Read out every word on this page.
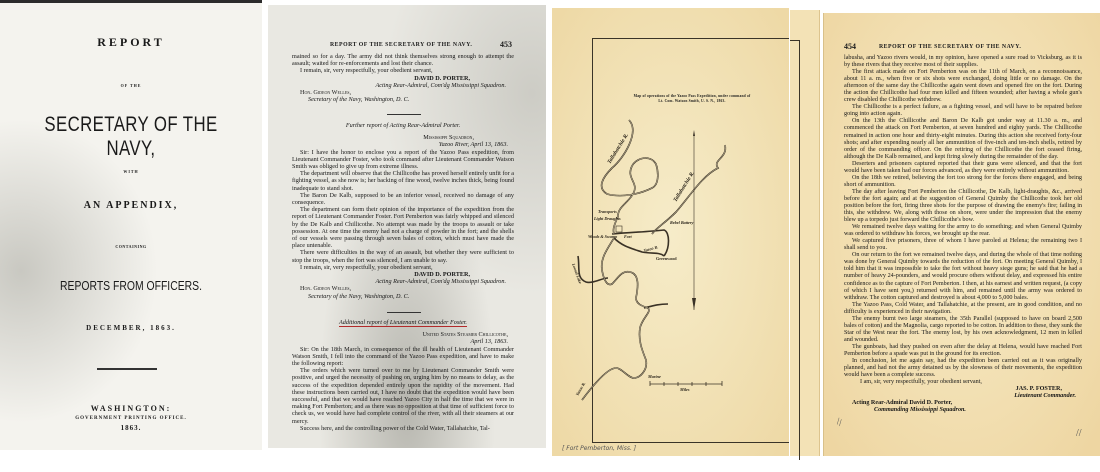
REPORT
OF THE
SECRETARY OF THE NAVY,
WITH
AN APPENDIX,
CONTAINING
REPORTS FROM OFFICERS.
DECEMBER, 1863.
WASHINGTON:
GOVERNMENT PRINTING OFFICE.
1863.
REPORT OF THE SECRETARY OF THE NAVY.	453

mained so for a day. The army did not think themselves strong enough to attempt the assault; waited for re-enforcements and lost their chance.

I remain, sir, very respectfully, your obedient servant,

DAVID D. PORTER,
Acting Rear-Admiral, Com'dg Mississippi Squadron.
Hon. Gideon Welles,
Secretary of the Navy, Washington, D. C.
Further report of Acting Rear-Admiral Porter.
Mississippi Squadron,
Yazoo River, April 13, 1863.

Sir: I have the honor to enclose you a report of the Yazoo Pass expedition, from Lieutenant Commander Foster, who took command after Lieutenant Commander Watson Smith was obliged to give up from extreme illness.

The department will observe that the Chillicothe has proved herself entirely unfit for a fighting vessel, as she now is; her backing of fine wood, twelve inches thick, being found inadequate to stand shot.

The Baron De Kalb, supposed to be an inferior vessel, received no damage of any consequence.

The department can form their opinion of the importance of the expedition from the report of Lieutenant Commander Foster. Fort Pemberton was fairly whipped and silenced by the De Kalb and Chillicothe. No attempt was made by the troops to assault or take possession. At one time the enemy had not a charge of powder in the fort; and the shells of our vessels were passing through seven bales of cotton, which must have made the place untenable.

There were difficulties in the way of an assault, but whether they were sufficient to stop the troops, when the fort was silenced, I am unable to say.

I remain, sir, very respectfully, your obedient servant,

DAVID D. PORTER,
Acting Rear-Admiral, Com'dg Mississippi Squadron.
Hon. Gideon Welles,
Secretary of the Navy, Washington, D. C.
Additional report of Lieutenant Commander Foster.
United States Steamer Chillicothe,
April 13, 1863.

Sir: On the 18th March, in consequence of the ill health of Lieutenant Commander Watson Smith, I fell into the command of the Yazoo Pass expedition, and have to make the following report:

The orders which were turned over to me by Lieutenant Commander Smith were positive, and urged the necessity of pushing on, urging him by no means to delay, as the success of the expedition depended entirely upon the rapidity of the movement. Had these instructions been carried out, I have no doubt that the expedition would have been successful, and that we would have reached Yazoo City in half the time that we were in making Fort Pemberton; and as there was no opposition at that time of sufficient force to check us, we would have had complete control of the river, with all their steamers at our mercy.

Success here, and the controlling power of the Cold Water, Tallahatchie, Tal-

Map of operations of the Yazoo Pass Expedition, under command of
Lt. Com. Watson Smith, U. S. N., 1863.
Tallahatchie R.
Tallahatchie R.
Transports
Light Draughts
Woods & Swamp Fort
Rebel Battery
Yazoo R.
Greenwood
Loosal Lake
Yazoo R.
Marine
Miles
[ Fort Pemberton, Miss. ]
454	REPORT OF THE SECRETARY OF THE NAVY.

labusha, and Yazoo rivers would, in my opinion, have opened a sure road to Vicksburg, as it is by these rivers that they receive most of their supplies.

The first attack made on Fort Pemberton was on the 11th of March, on a reconnoissance, about 11 a. m., when five or six shots were exchanged, doing little or no damage. On the afternoon of the same day the Chillicothe again went down and opened fire on the fort. During the action the Chillicothe had four men killed and fifteen wounded; after having a whole gun's crew disabled the Chillicothe withdrew.

The Chillicothe is a perfect failure, as a fighting vessel, and will have to be repaired before going into action again.

On the 13th the Chillicothe and Baron De Kalb got under way at 11.30 a. m., and commenced the attack on Fort Pemberton, at seven hundred and eighty yards. The Chillicothe remained in action one hour and thirty-eight minutes. During this action she received forty-four shots; and after expending nearly all her ammunition of five-inch and ten-inch shells, retired by order of the commanding officer. On the retiring of the Chillicothe the fort ceased firing, although the De Kalb remained, and kept firing slowly during the remainder of the day.

Deserters and prisoners captured reported that their guns were silenced, and that the fort would have been taken had our forces advanced, as they were entirely without ammunition.

On the 18th we retired, believing the fort too strong for the forces there engaged, and being short of ammunition.

The day after leaving Fort Pemberton the Chillicothe, De Kalb, light-draughts, &c., arrived before the fort again; and at the suggestion of General Quimby the Chillicothe took her old position before the fort, firing three shots for the purpose of drawing the enemy's fire; failing in this, she withdrew. We, along with those on shore, were under the impression that the enemy blew up a torpedo just forward the Chillicothe's bow.

We remained twelve days waiting for the army to do something; and when General Quimby was ordered to withdraw his forces, we brought up the rear.

We captured five prisoners, three of whom I have paroled at Helena; the remaining two I shall send to you.

On our return to the fort we remained twelve days, and during the whole of that time nothing was done by General Quimby towards the reduction of the fort. On meeting General Quimby, I told him that it was impossible to take the fort without heavy siege guns; he said that he had a number of heavy 24-pounders, and would procure others without delay, and expressed his entire confidence as to the capture of Fort Pemberton. I then, at his earnest and written request, (a copy of which I have sent you,) returned with him, and remained until the army was ordered to withdraw. The cotton captured and destroyed is about 4,000 to 5,000 bales.

The Yazoo Pass, Cold Water, and Tallahatchie, at the present, are in good condition, and no difficulty is experienced in their navigation.

The enemy burnt two large steamers, the 35th Parallel (supposed to have on board 2,500 bales of cotton) and the Magnolia, cargo reported to be cotton. In addition to these, they sunk the Star of the West near the fort. The enemy lost, by his own acknowledgment, 12 men in killed and wounded.

The gunboats, had they pushed on even after the delay at Helena, would have reached Fort Pemberton before a spade was put in the ground for its erection.

In conclusion, let me again say, had the expedition been carried out as it was originally planned, and had not the army detained us by the slowness of their movements, the expedition would have been a complete success.

I am, sir, very respectfully, your obedient servant,

JAS. P. FOSTER,
Lieutenant Commander.
Acting Rear-Admiral David D. Porter,
Commanding Mississippi Squadron.
\\
//
